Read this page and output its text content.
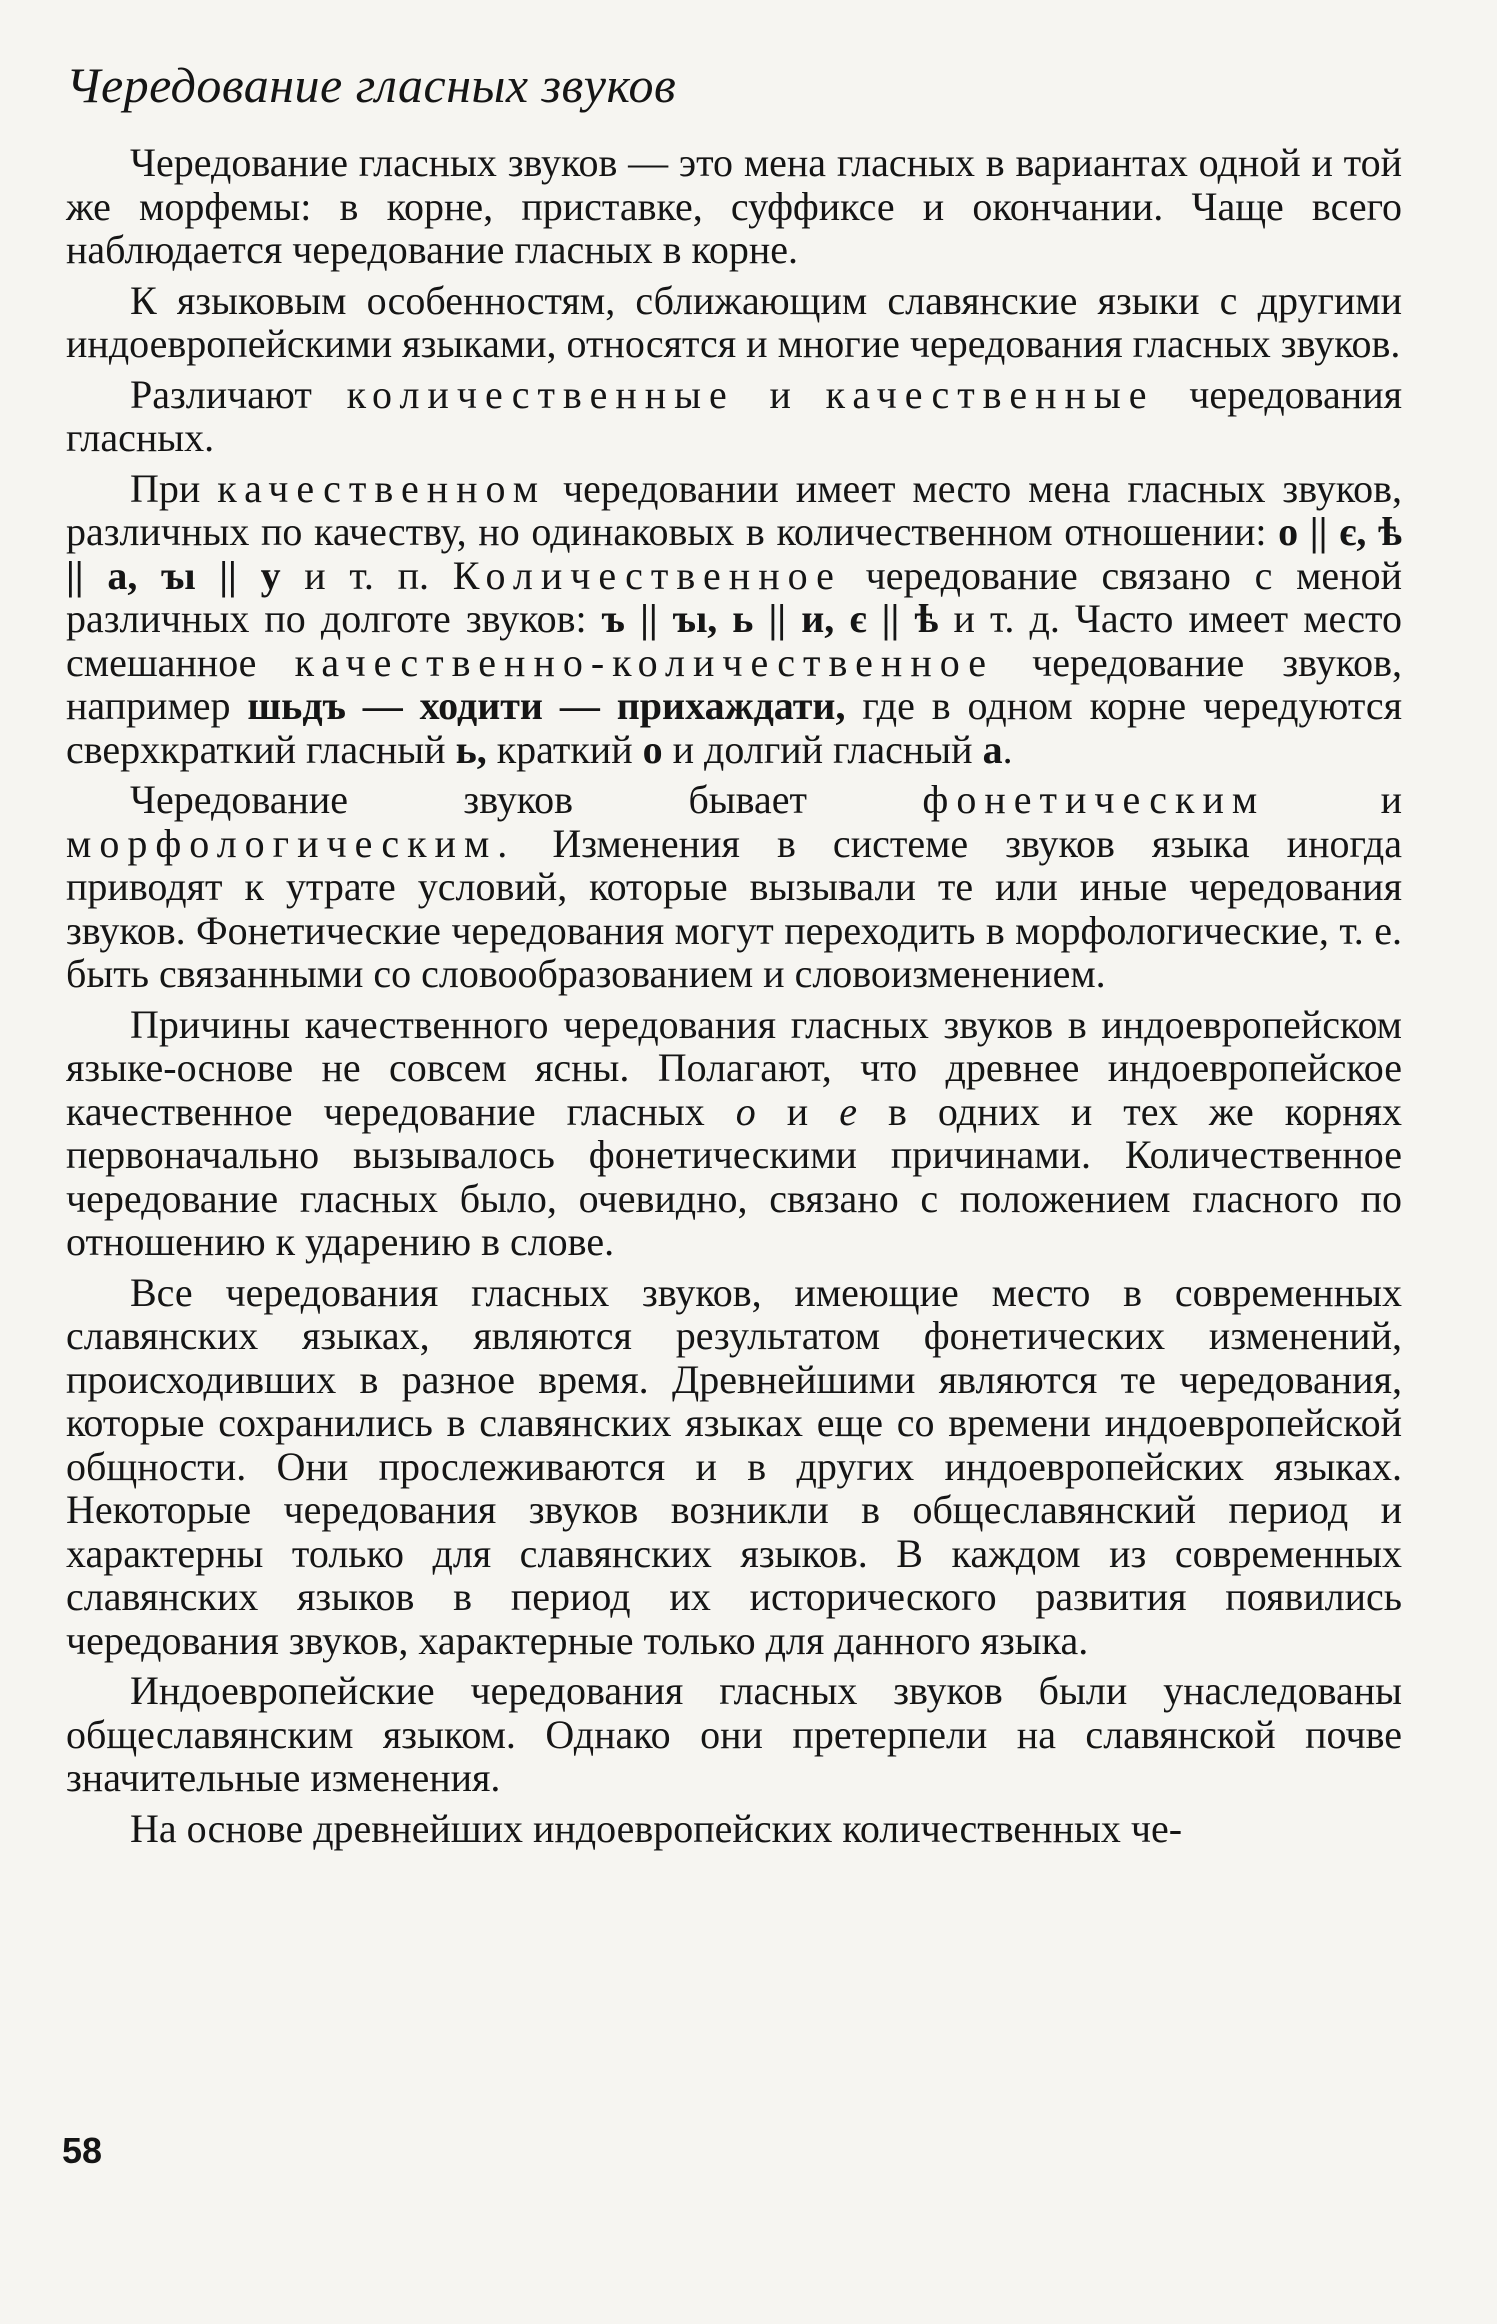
Чередование гласных звуков

Чередование гласных звуков — это мена гласных в вариантах одной и той же морфемы: в корне, приставке, суффиксе и окончании. Чаще всего наблюдается чередование гласных в корне.

К языковым особенностям, сближающим славянские языки с другими индоевропейскими языками, относятся и многие чередования гласных звуков.

Различают количественные и качественные чередования гласных.

При качественном чередовании имеет место мена гласных звуков, различных по качеству, но одинаковых в количественном отношении: о || є, ѣ || а, ъı || у и т. п. Количественное чередование связано с меной различных по долготе звуков: ъ || ъı, ь || и, є || ѣ и т. д. Часто имеет место смешанное качественно-количественное чередование звуков, например шьдъ — ходити — прихаждати, где в одном корне чередуются сверхкраткий гласный ь, краткий о и долгий гласный а.

Чередование звуков бывает фонетическим и морфологическим. Изменения в системе звуков языка иногда приводят к утрате условий, которые вызывали те или иные чередования звуков. Фонетические чередования могут переходить в морфологические, т. е. быть связанными со словообразованием и словоизменением.

Причины качественного чередования гласных звуков в индоевропейском языке-основе не совсем ясны. Полагают, что древнее индоевропейское качественное чередование гласных о и е в одних и тех же корнях первоначально вызывалось фонетическими причинами. Количественное чередование гласных было, очевидно, связано с положением гласного по отношению к ударению в слове.

Все чередования гласных звуков, имеющие место в современных славянских языках, являются результатом фонетических изменений, происходивших в разное время. Древнейшими являются те чередования, которые сохранились в славянских языках еще со времени индоевропейской общности. Они прослеживаются и в других индоевропейских языках. Некоторые чередования звуков возникли в общеславянский период и характерны только для славянских языков. В каждом из современных славянских языков в период их исторического развития появились чередования звуков, характерные только для данного языка.

Индоевропейские чередования гласных звуков были унаследованы общеславянским языком. Однако они претерпели на славянской почве значительные изменения.

На основе древнейших индоевропейских количественных че-

58
